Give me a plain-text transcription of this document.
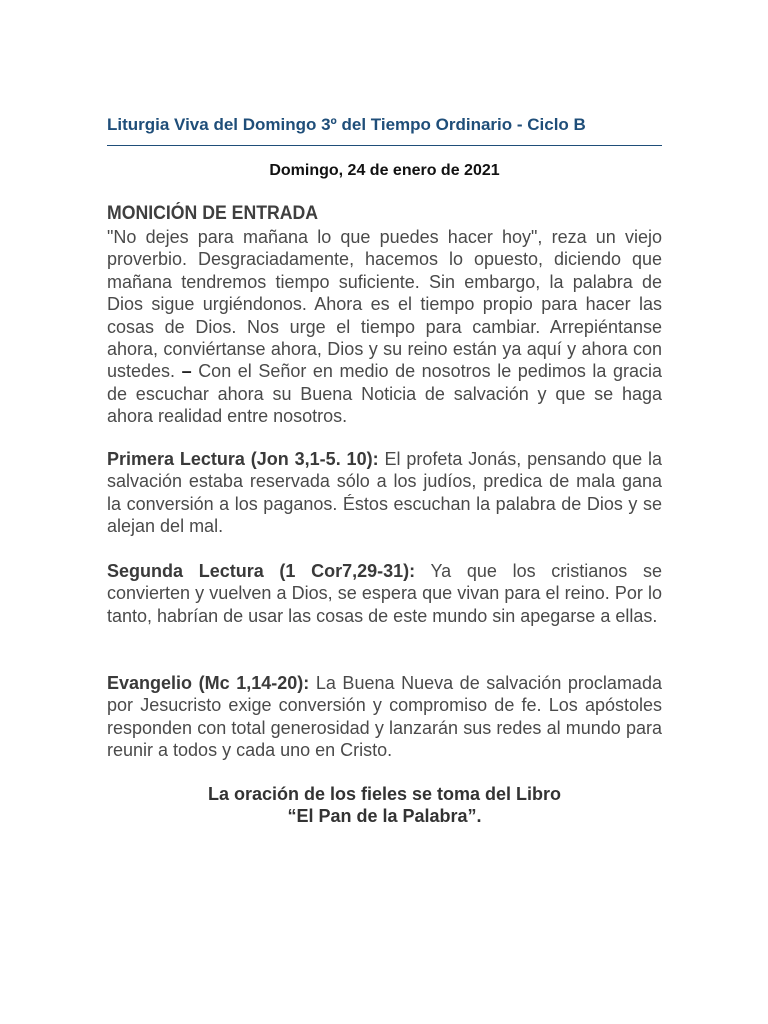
Liturgia Viva del Domingo 3º del Tiempo Ordinario - Ciclo B
Domingo, 24 de enero de 2021
MONICIÓN DE ENTRADA

"No dejes para mañana lo que puedes hacer hoy", reza un viejo proverbio. Desgraciadamente, hacemos lo opuesto, diciendo que mañana tendremos tiempo suficiente. Sin embargo, la palabra de Dios sigue urgiéndonos. Ahora es el tiempo propio para hacer las cosas de Dios. Nos urge el tiempo para cambiar. Arrepiéntanse ahora, conviértanse ahora, Dios y su reino están ya aquí y ahora con ustedes. – Con el Señor en medio de nosotros le pedimos la gracia de escuchar ahora su Buena Noticia de salvación y que se haga ahora realidad entre nosotros.

Primera Lectura (Jon 3,1-5. 10): El profeta Jonás, pensando que la salvación estaba reservada sólo a los judíos, predica de mala gana la conversión a los paganos. Éstos escuchan la palabra de Dios y se alejan del mal.

Segunda Lectura (1 Cor7,29-31): Ya que los cristianos se convierten y vuelven a Dios, se espera que vivan para el reino. Por lo tanto, habrían de usar las cosas de este mundo sin apegarse a ellas.

Evangelio (Mc 1,14-20): La Buena Nueva de salvación proclamada por Jesucristo exige conversión y compromiso de fe. Los apóstoles responden con total generosidad y lanzarán sus redes al mundo para reunir a todos y cada uno en Cristo.

La oración de los fieles se toma del Libro
“El Pan de la Palabra”.
